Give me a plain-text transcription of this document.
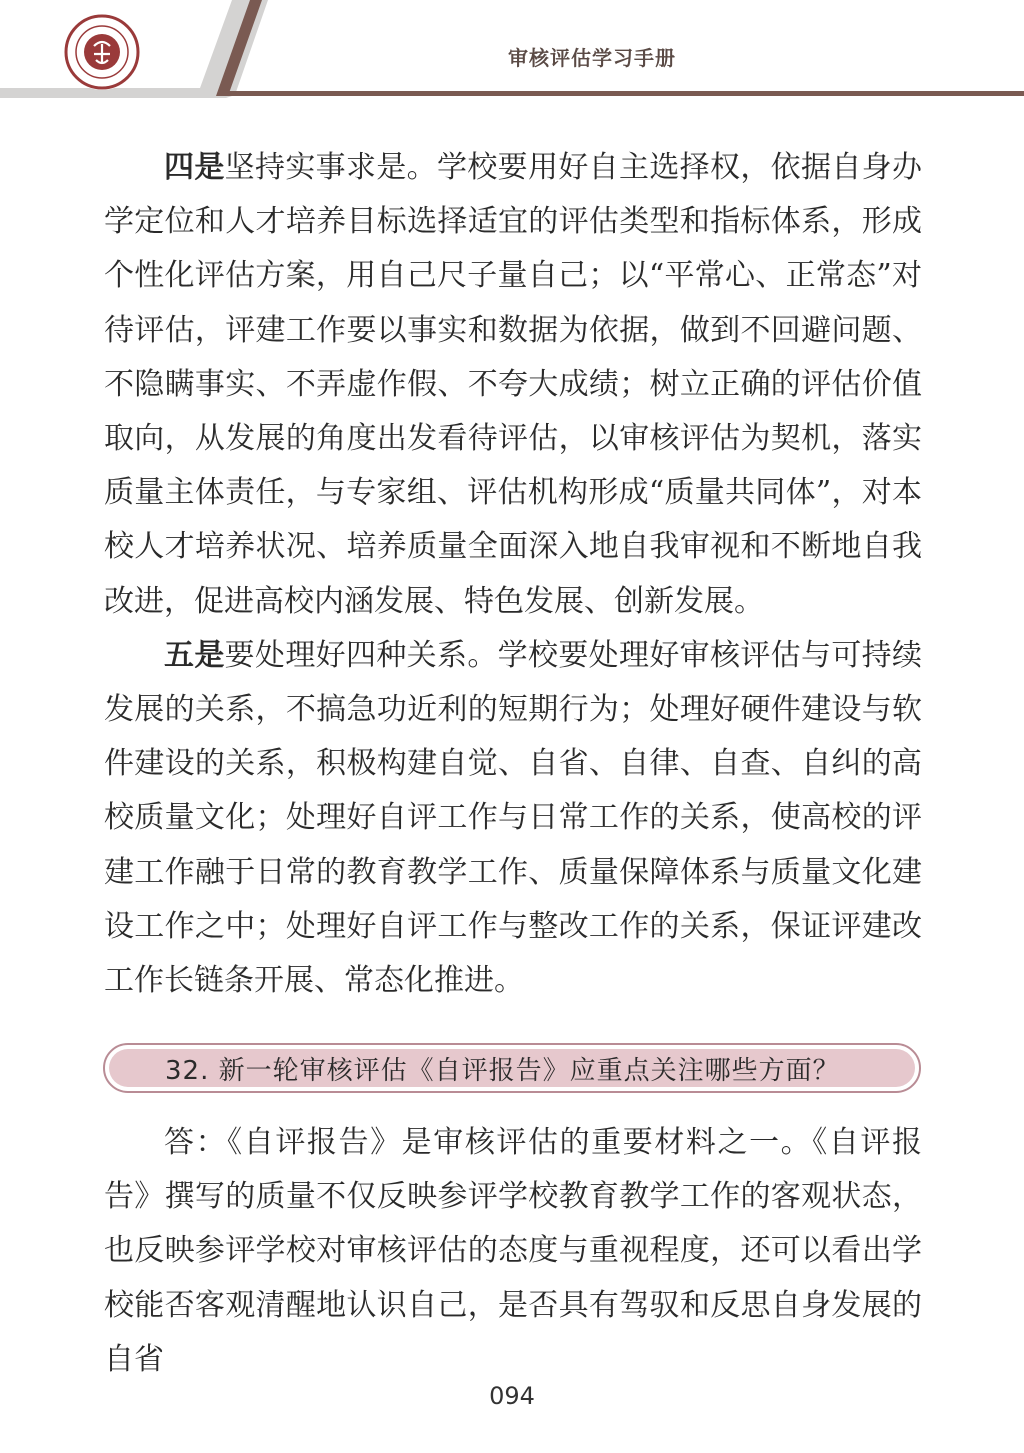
审核评估学习手册

四是坚持实事求是。学校要用好自主选择权，依据自身办学定位和人才培养目标选择适宜的评估类型和指标体系，形成个性化评估方案，用自己尺子量自己；以“平常心、正常态”对待评估，评建工作要以事实和数据为依据，做到不回避问题、不隐瞒事实、不弄虚作假、不夸大成绩；树立正确的评估价值取向，从发展的角度出发看待评估，以审核评估为契机，落实质量主体责任，与专家组、评估机构形成“质量共同体”，对本校人才培养状况、培养质量全面深入地自我审视和不断地自我改进，促进高校内涵发展、特色发展、创新发展。

五是要处理好四种关系。学校要处理好审核评估与可持续发展的关系，不搞急功近利的短期行为；处理好硬件建设与软件建设的关系，积极构建自觉、自省、自律、自查、自纠的高校质量文化；处理好自评工作与日常工作的关系，使高校的评建工作融于日常的教育教学工作、质量保障体系与质量文化建设工作之中；处理好自评工作与整改工作的关系，保证评建改工作长链条开展、常态化推进。

32. 新一轮审核评估《自评报告》应重点关注哪些方面？

答：《自评报告》是审核评估的重要材料之一。《自评报告》撰写的质量不仅反映参评学校教育教学工作的客观状态，也反映参评学校对审核评估的态度与重视程度，还可以看出学校能否客观清醒地认识自己，是否具有驾驭和反思自身发展的自省

094
